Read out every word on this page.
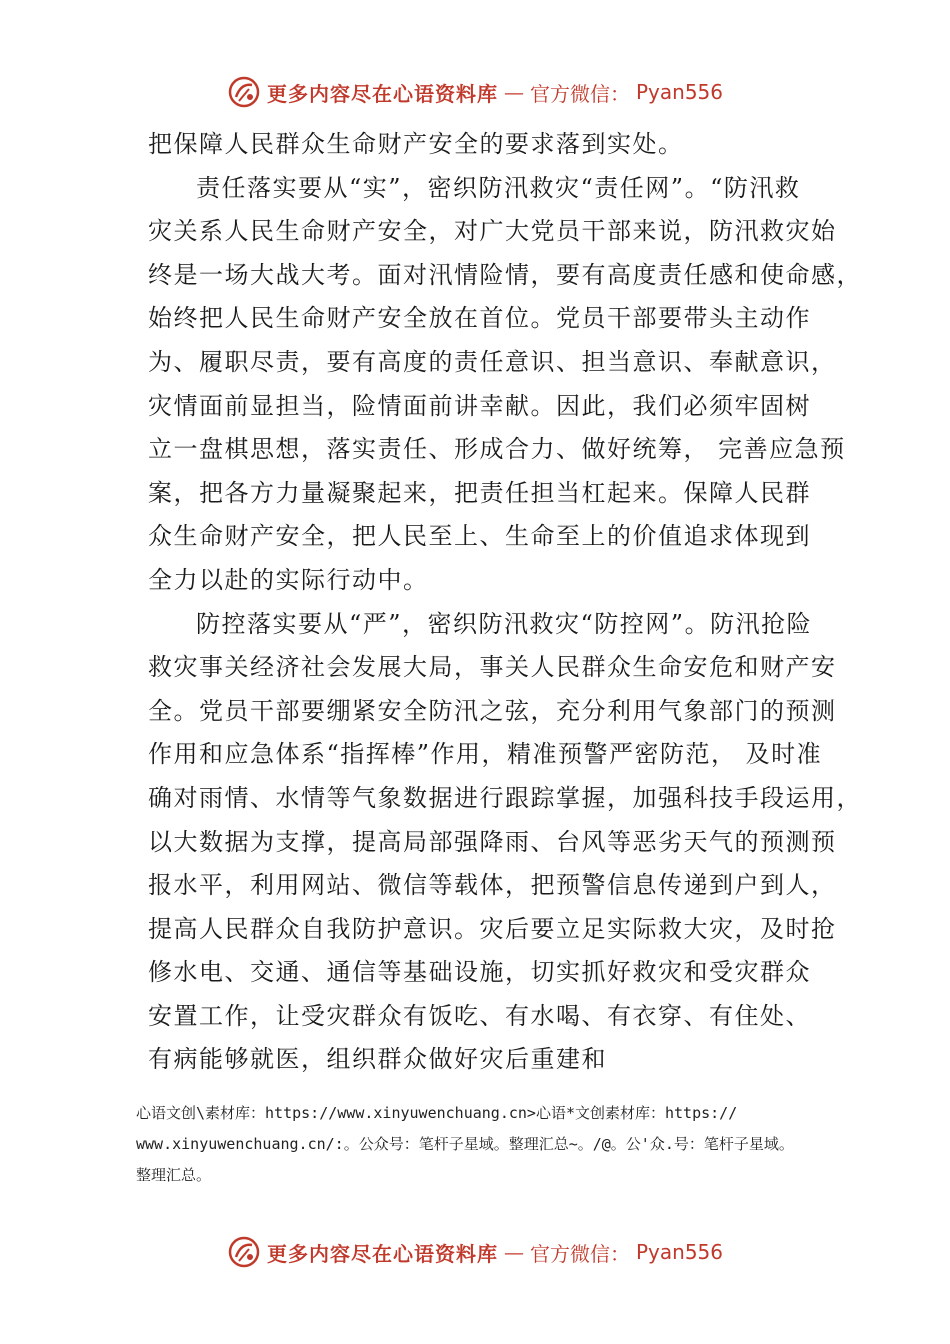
更多内容尽在心语资料库 — 官方微信： Pyan556
把保障人民群众生命财产安全的要求落到实处。
责任落实要从“实”，密织防汛救灾“责任网”。“防汛救
灾关系人民生命财产安全，对广大党员干部来说，防汛救灾始
终是一场大战大考。面对汛情险情，要有高度责任感和使命感，
始终把人民生命财产安全放在首位。党员干部要带头主动作
为、履职尽责，要有高度的责任意识、担当意识、奉献意识，
灾情面前显担当，险情面前讲幸献。因此，我们必须牢固树
立一盘棋思想，落实责任、形成合力、做好统筹， 完善应急预
案，把各方力量凝聚起来，把责任担当杠起来。保障人民群
众生命财产安全，把人民至上、生命至上的价值追求体现到
全力以赴的实际行动中。
防控落实要从“严”，密织防汛救灾“防控网”。防汛抢险
救灾事关经济社会发展大局，事关人民群众生命安危和财产安
全。党员干部要绷紧安全防汛之弦，充分利用气象部门的预测
作用和应急体系“指挥棒”作用，精准预警严密防范， 及时准
确对雨情、水情等气象数据进行跟踪掌握，加强科技手段运用，
以大数据为支撑，提高局部强降雨、台风等恶劣天气的预测预
报水平，利用网站、微信等载体，把预警信息传递到户到人，
提高人民群众自我防护意识。灾后要立足实际救大灾，及时抢
修水电、交通、通信等基础设施，切实抓好救灾和受灾群众
安置工作，让受灾群众有饭吃、有水喝、有衣穿、有住处、
有病能够就医，组织群众做好灾后重建和
心语文创\素材库：https://www.xinyuwenchuang.cn>心语*文创素材库：https://
www.xinyuwenchuang.cn/:。公众号：笔杆子星域。整理汇总~。/@。公'众.号：笔杆子星域。
整理汇总。
更多内容尽在心语资料库 — 官方微信： Pyan556
